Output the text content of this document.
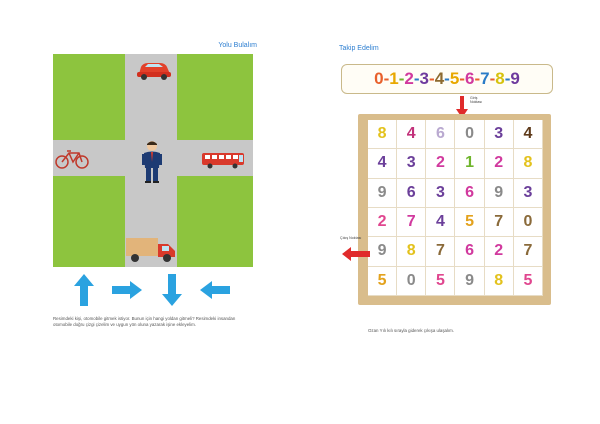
Yolu Bulalım
Resimdeki kişi, otomobile gitmek istiyor. Bunun için hangi yoldan gitmeli? Resimdeki insandan
otomobile doğru çizgi çizelim ve uygun yön oluna yazarak işine ekleyelim.
Takip Edelim
0 - 1 - 2 - 3 - 4 - 5 - 6 - 7 - 8 - 9
Giriş Noktası
8	4	6	0	3	4
4	3	2	1	2	8
9	6	3	6	9	3
2	7	4	5	7	0
9	8	7	6	2	7
5	0	5	9	8	5
Çıkış Noktası
Ozan Yılı kılı sırayla giderek çıkışa ulaşalım.
